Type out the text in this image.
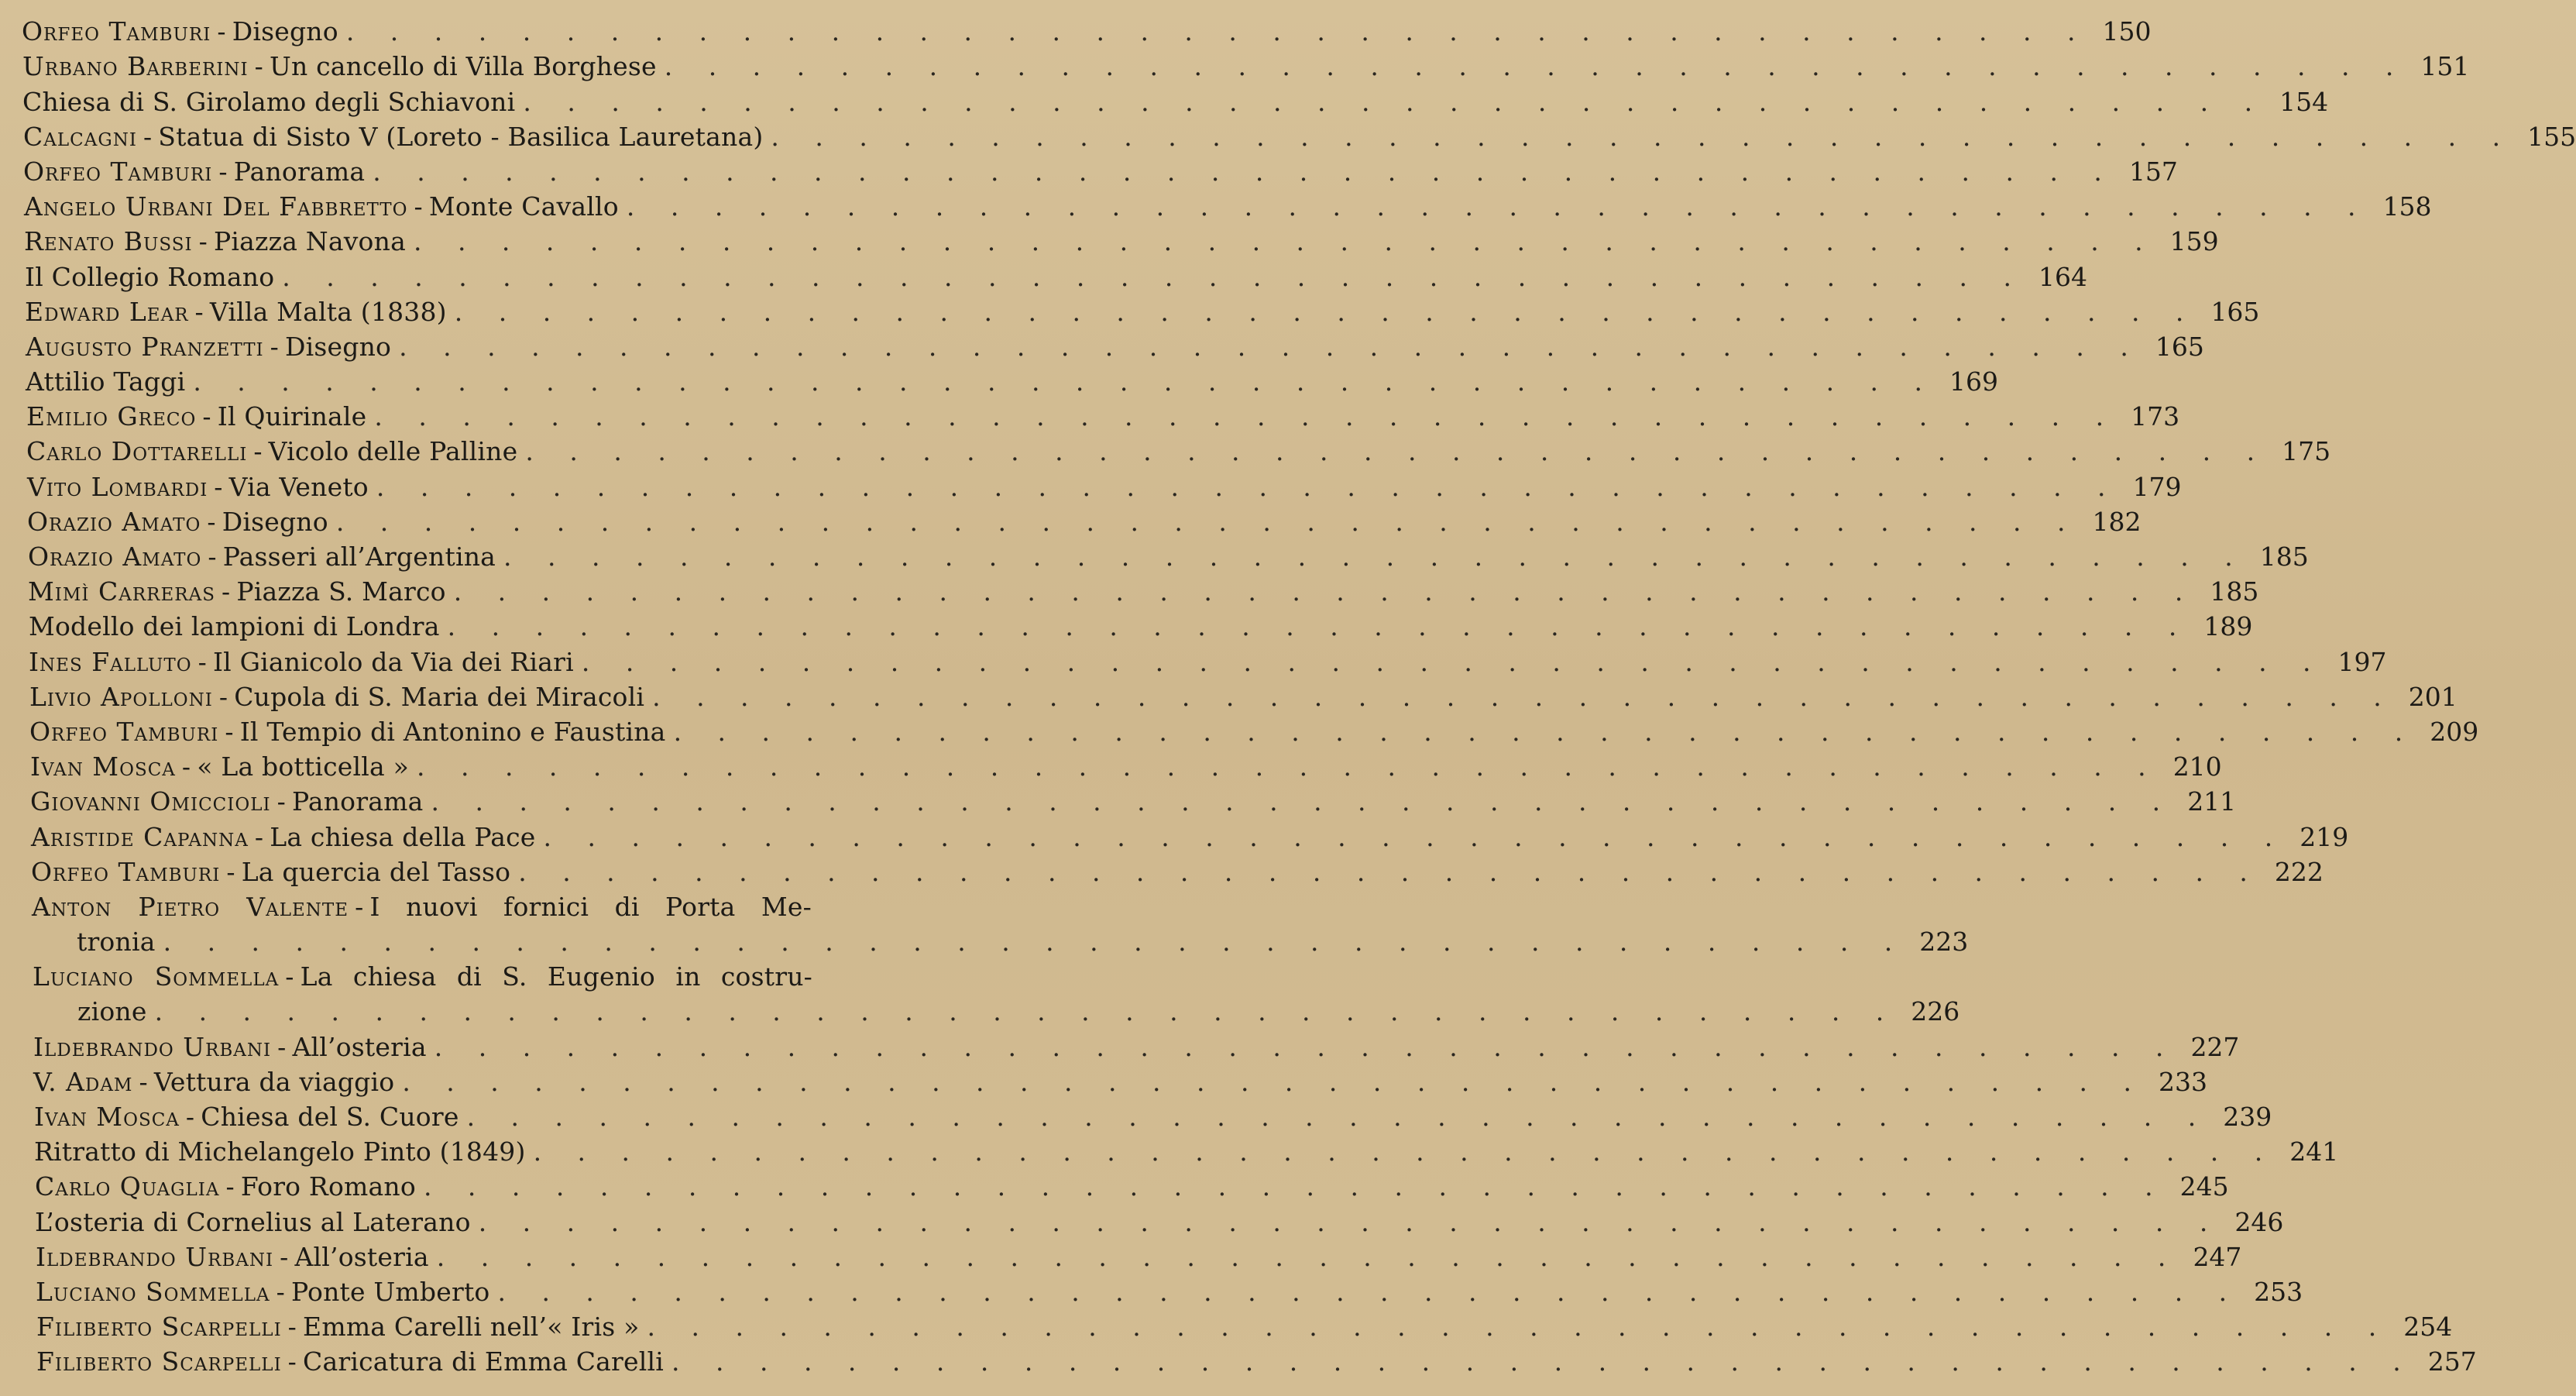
Orfeo Tamburi - Disegno . . . . . . . . . . . . . . . . . . . . . . . . . . . . . . . . . . . . . . . . 150
Urbano Barberini - Un cancello di Villa Borghese . . . . . . . . . . . . . . . . . . . . . . . . . . . . . . . . . . . . . . . . 151
Chiesa di S. Girolamo degli Schiavoni . . . . . . . . . . . . . . . . . . . . . . . . . . . . . . . . . . . . . . . . 154
Calcagni - Statua di Sisto V (Loreto - Basilica Lauretana) . . . . . . . . . . . . . . . . . . . . . . . . . . . . . . . . . . . . . . . . 155
Orfeo Tamburi - Panorama . . . . . . . . . . . . . . . . . . . . . . . . . . . . . . . . . . . . . . . . 157
Angelo Urbani Del Fabbretto - Monte Cavallo . . . . . . . . . . . . . . . . . . . . . . . . . . . . . . . . . . . . . . . . 158
Renato Bussi - Piazza Navona . . . . . . . . . . . . . . . . . . . . . . . . . . . . . . . . . . . . . . . . 159
Il Collegio Romano . . . . . . . . . . . . . . . . . . . . . . . . . . . . . . . . . . . . . . . . 164
Edward Lear - Villa Malta (1838) . . . . . . . . . . . . . . . . . . . . . . . . . . . . . . . . . . . . . . . . 165
Augusto Pranzetti - Disegno . . . . . . . . . . . . . . . . . . . . . . . . . . . . . . . . . . . . . . . . 165
Attilio Taggi . . . . . . . . . . . . . . . . . . . . . . . . . . . . . . . . . . . . . . . . 169
Emilio Greco - Il Quirinale . . . . . . . . . . . . . . . . . . . . . . . . . . . . . . . . . . . . . . . . 173
Carlo Dottarelli - Vicolo delle Palline . . . . . . . . . . . . . . . . . . . . . . . . . . . . . . . . . . . . . . . . 175
Vito Lombardi - Via Veneto . . . . . . . . . . . . . . . . . . . . . . . . . . . . . . . . . . . . . . . . 179
Orazio Amato - Disegno . . . . . . . . . . . . . . . . . . . . . . . . . . . . . . . . . . . . . . . . 182
Orazio Amato - Passeri all’Argentina . . . . . . . . . . . . . . . . . . . . . . . . . . . . . . . . . . . . . . . . 185
Mimì Carreras - Piazza S. Marco . . . . . . . . . . . . . . . . . . . . . . . . . . . . . . . . . . . . . . . . 185
Modello dei lampioni di Londra . . . . . . . . . . . . . . . . . . . . . . . . . . . . . . . . . . . . . . . . 189
Ines Falluto - Il Gianicolo da Via dei Riari . . . . . . . . . . . . . . . . . . . . . . . . . . . . . . . . . . . . . . . . 197
Livio Apolloni - Cupola di S. Maria dei Miracoli . . . . . . . . . . . . . . . . . . . . . . . . . . . . . . . . . . . . . . . . 201
Orfeo Tamburi - Il Tempio di Antonino e Faustina . . . . . . . . . . . . . . . . . . . . . . . . . . . . . . . . . . . . . . . . 209
Ivan Mosca - « La botticella » . . . . . . . . . . . . . . . . . . . . . . . . . . . . . . . . . . . . . . . . 210
Giovanni Omiccioli - Panorama . . . . . . . . . . . . . . . . . . . . . . . . . . . . . . . . . . . . . . . . 211
Aristide Capanna - La chiesa della Pace . . . . . . . . . . . . . . . . . . . . . . . . . . . . . . . . . . . . . . . . 219
Orfeo Tamburi - La quercia del Tasso . . . . . . . . . . . . . . . . . . . . . . . . . . . . . . . . . . . . . . . . 222
Anton Pietro Valente - I nuovi fornici di Porta Me-
tronia . . . . . . . . . . . . . . . . . . . . . . . . . . . . . . . . . . . . . . . . 223
Luciano Sommella - La chiesa di S. Eugenio in costru-
zione . . . . . . . . . . . . . . . . . . . . . . . . . . . . . . . . . . . . . . . . 226
Ildebrando Urbani - All’osteria . . . . . . . . . . . . . . . . . . . . . . . . . . . . . . . . . . . . . . . . 227
V. Adam - Vettura da viaggio . . . . . . . . . . . . . . . . . . . . . . . . . . . . . . . . . . . . . . . . 233
Ivan Mosca - Chiesa del S. Cuore . . . . . . . . . . . . . . . . . . . . . . . . . . . . . . . . . . . . . . . . 239
Ritratto di Michelangelo Pinto (1849) . . . . . . . . . . . . . . . . . . . . . . . . . . . . . . . . . . . . . . . . 241
Carlo Quaglia - Foro Romano . . . . . . . . . . . . . . . . . . . . . . . . . . . . . . . . . . . . . . . . 245
L’osteria di Cornelius al Laterano . . . . . . . . . . . . . . . . . . . . . . . . . . . . . . . . . . . . . . . . 246
Ildebrando Urbani - All’osteria . . . . . . . . . . . . . . . . . . . . . . . . . . . . . . . . . . . . . . . . 247
Luciano Sommella - Ponte Umberto . . . . . . . . . . . . . . . . . . . . . . . . . . . . . . . . . . . . . . . . 253
Filiberto Scarpelli - Emma Carelli nell’« Iris » . . . . . . . . . . . . . . . . . . . . . . . . . . . . . . . . . . . . . . . . 254
Filiberto Scarpelli - Caricatura di Emma Carelli . . . . . . . . . . . . . . . . . . . . . . . . . . . . . . . . . . . . . . . . 257
